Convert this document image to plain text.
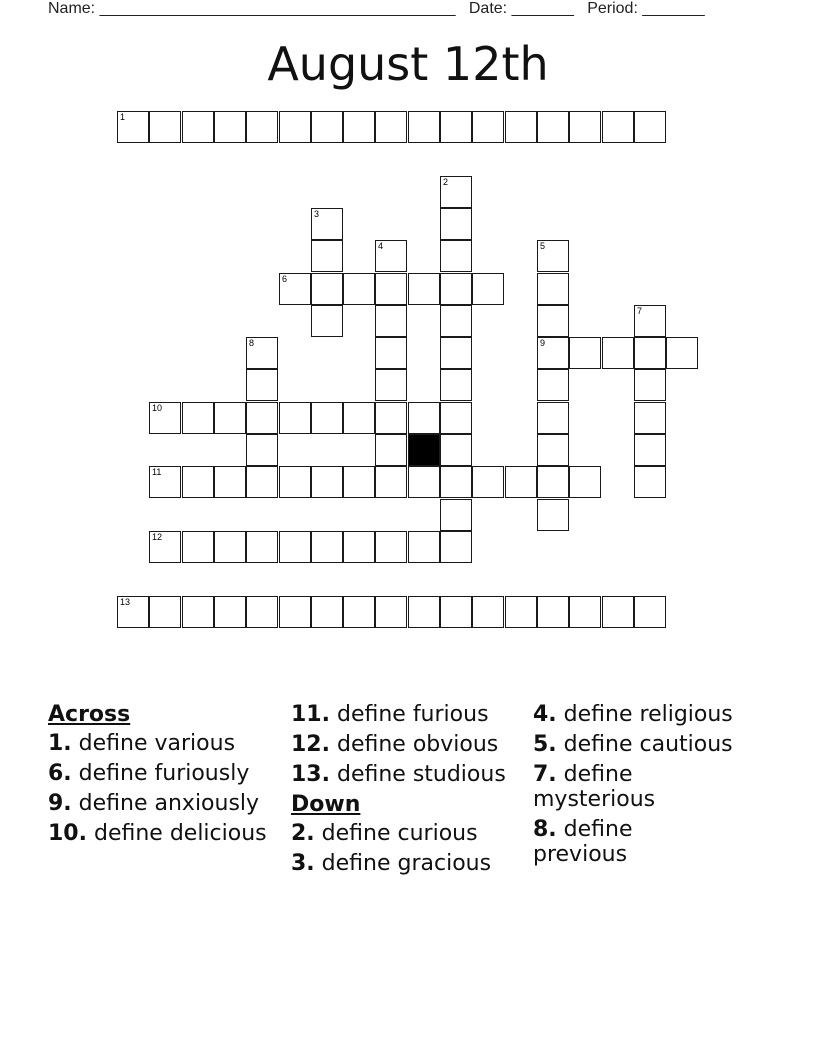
Name: ________________________________________ Date: _______ Period: _______
August 12th
1
2
3
4	5
6
7
8	9
10
11
12
13
Across
1. define various
6. define furiously
9. define anxiously
10. define delicious
11. define furious
12. define obvious
13. define studious
Down
2. define curious
3. define gracious
4. define religious
5. define cautious
7. define mysterious
8. define previous
